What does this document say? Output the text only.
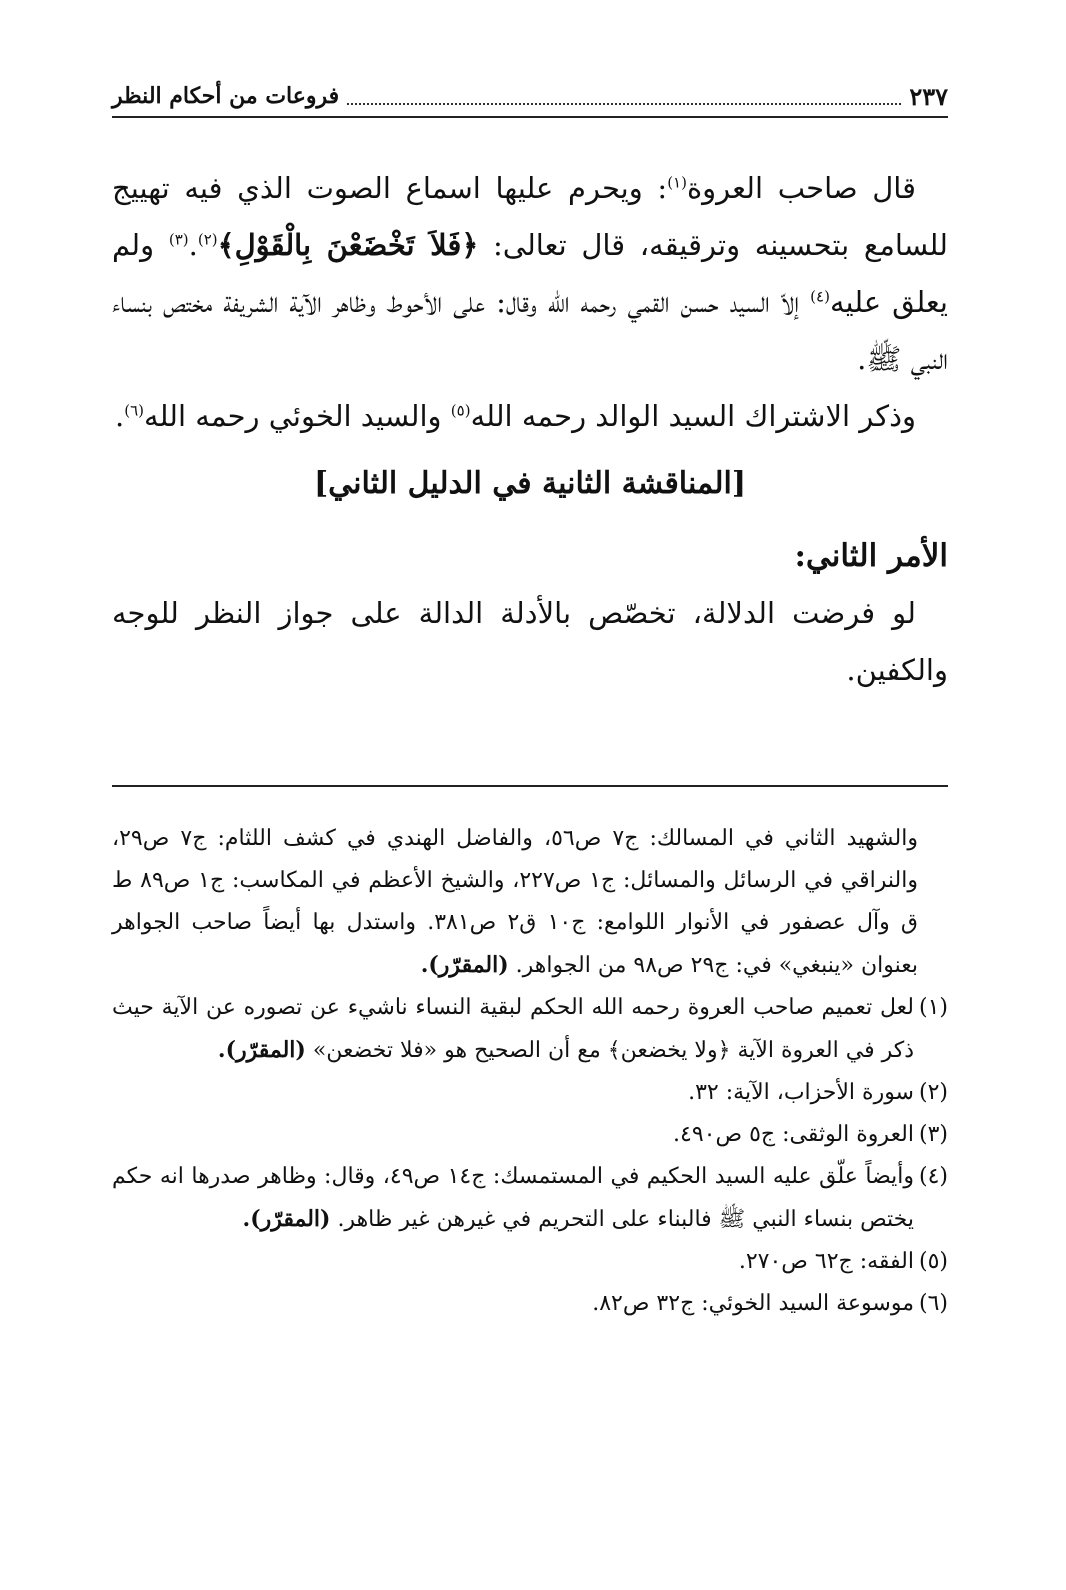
٢٣٧
فروعات من أحكام النظر

قال صاحب العروة$^{(١)}$: ويحرم عليها اسماع الصوت الذي فيه تهييج للسامع بتحسينه وترقيقه، قال تعالى: ﴿فَلاَ تَخْضَعْنَ بِالْقَوْلِ﴾$^{(٢)}$.$^{(٣)}$ ولم يعلق عليه$^{(٤)}$ إلاّ السيد حسن القمي رحمه الله وقال: على الأحوط وظاهر الآية الشريفة مختص بنساء النبي ﷺ.

وذكر الاشتراك السيد الوالد رحمه الله$^{(٥)}$ والسيد الخوئي رحمه الله$^{(٦)}$.

[المناقشة الثانية في الدليل الثاني]

الأمر الثاني:

لو فرضت الدلالة، تخصّص بالأدلة الدالة على جواز النظر للوجه والكفين.

والشهيد الثاني في المسالك: ج٧ ص٥٦، والفاضل الهندي في كشف اللثام: ج٧ ص٢٩، والنراقي في الرسائل والمسائل: ج١ ص٢٢٧، والشيخ الأعظم في المكاسب: ج١ ص٨٩ ط ق وآل عصفور في الأنوار اللوامع: ج١٠ ق٢ ص٣٨١. واستدل بها أيضاً صاحب الجواهر بعنوان «ينبغي» في: ج٢٩ ص٩٨ من الجواهر. (المقرّر).

(١)لعل تعميم صاحب العروة رحمه الله الحكم لبقية النساء ناشيء عن تصوره عن الآية حيث ذكر في العروة الآية ﴿ولا يخضعن﴾ مع أن الصحيح هو «فلا تخضعن» (المقرّر).

(٢)سورة الأحزاب، الآية: ٣٢.

(٣)العروة الوثقى: ج٥ ص٤٩٠.

(٤)وأيضاً علّق عليه السيد الحكيم في المستمسك: ج١٤ ص٤٩، وقال: وظاهر صدرها انه حكم يختص بنساء النبي ﷺ فالبناء على التحريم في غيرهن غير ظاهر. (المقرّر).

(٥)الفقه: ج٦٢ ص٢٧٠.

(٦)موسوعة السيد الخوئي: ج٣٢ ص٨٢.
